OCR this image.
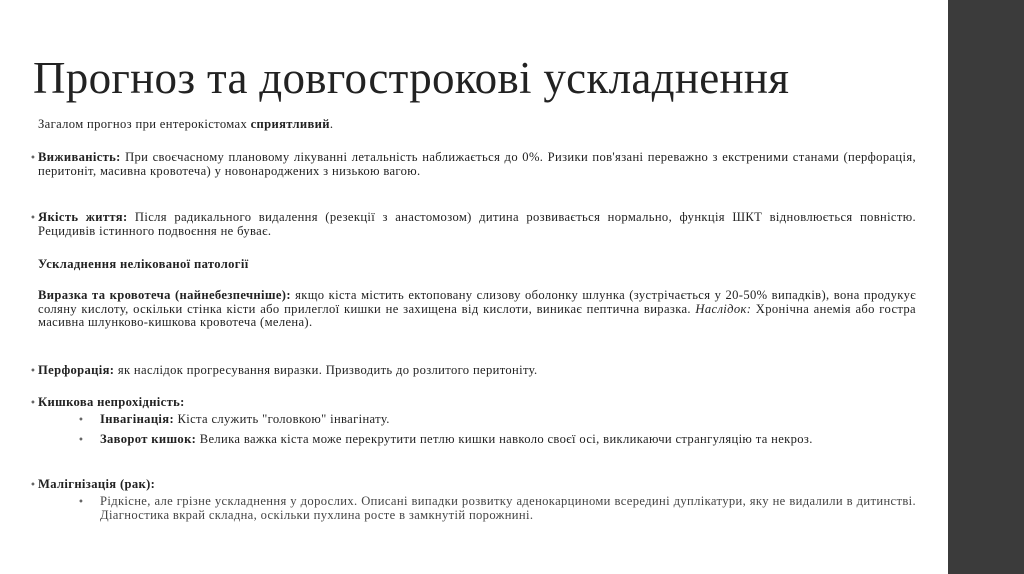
Прогноз та довгострокові ускладнення
Загалом прогноз при ентерокістомах сприятливий.
• Виживаність: При своєчасному плановому лікуванні летальність наближається до 0%. Ризики пов'язані переважно з екстреними станами (перфорація, перитоніт, масивна кровотеча) у новонароджених з низькою вагою.
• Якість життя: Після радикального видалення (резекції з анастомозом) дитина розвивається нормально, функція ШКТ відновлюється повністю. Рецидивів істинного подвоєння не буває.
Ускладнення нелікованої патології
Виразка та кровотеча (найнебезпечніше): якщо кіста містить ектоповану слизову оболонку шлунка (зустрічається у 20-50% випадків), вона продукує соляну кислоту, оскільки стінка кісти або прилеглої кишки не захищена від кислоти, виникає пептична виразка. Наслідок: Хронічна анемія або гостра масивна шлунково-кишкова кровотеча (мелена).
• Перфорація: як наслідок прогресування виразки. Призводить до розлитого перитоніту.
• Кишкова непрохідність:
• Інвагінація: Кіста служить "головкою" інвагінату.
• Заворот кишок: Велика важка кіста може перекрутити петлю кишки навколо своєї осі, викликаючи странгуляцію та некроз.
• Малігнізація (рак):
• Рідкісне, але грізне ускладнення у дорослих. Описані випадки розвитку аденокарциноми всередині дуплікатури, яку не видалили в дитинстві. Діагностика вкрай складна, оскільки пухлина росте в замкнутій порожнині.
